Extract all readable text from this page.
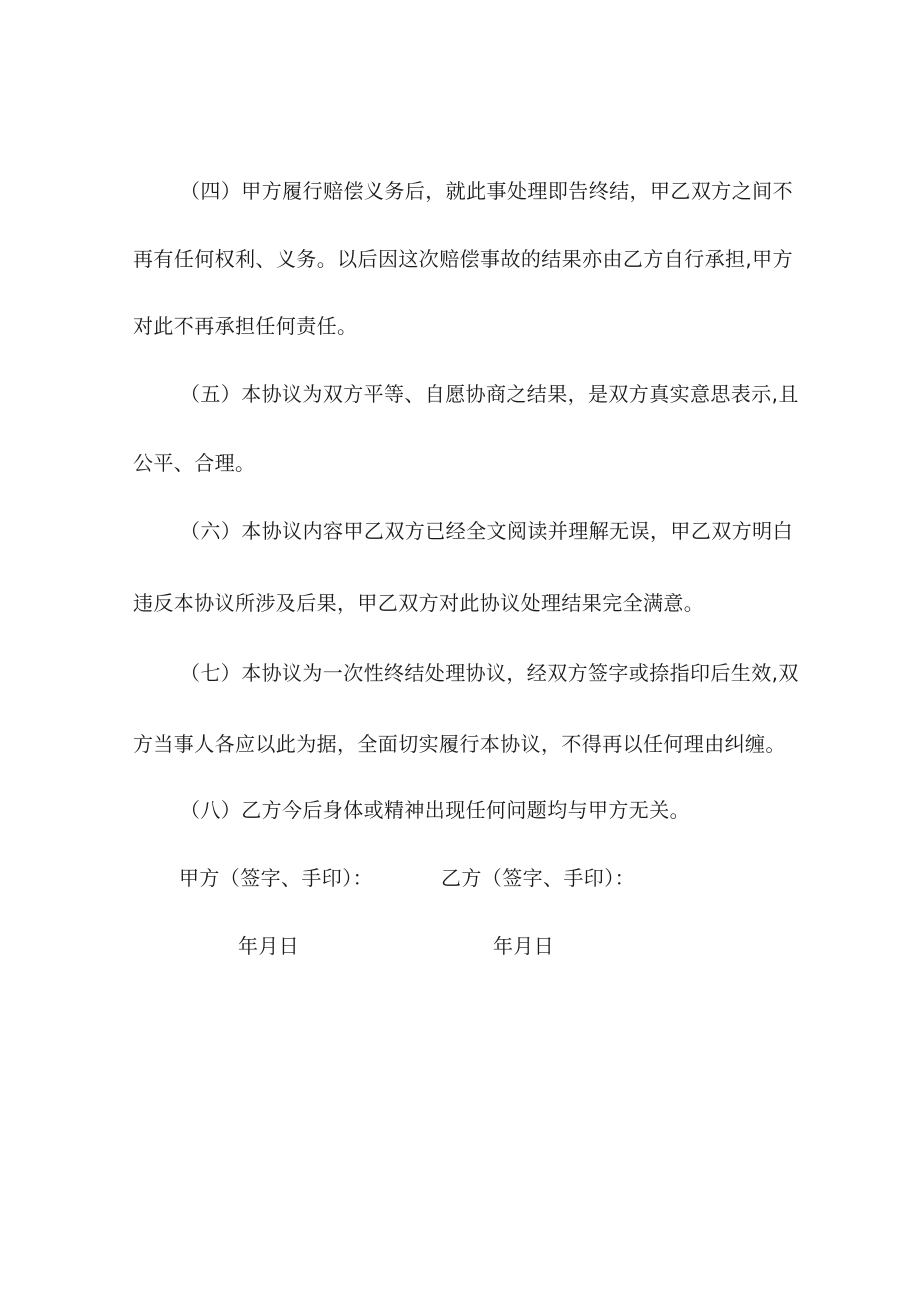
（四）甲方履行赔偿义务后，就此事处理即告终结，甲乙双方之间不
再有任何权利、义务。以后因这次赔偿事故的结果亦由乙方自行承担,甲方
对此不再承担任何责任。
（五）本协议为双方平等、自愿协商之结果，是双方真实意思表示,且
公平、合理。
（六）本协议内容甲乙双方已经全文阅读并理解无误，甲乙双方明白
违反本协议所涉及后果，甲乙双方对此协议处理结果完全满意。
（七）本协议为一次性终结处理协议，经双方签字或捺指印后生效,双
方当事人各应以此为据，全面切实履行本协议，不得再以任何理由纠缠。
（八）乙方今后身体或精神出现任何问题均与甲方无关。
甲方（签字、手印）：	乙方（签字、手印）：
年月日	年月日
